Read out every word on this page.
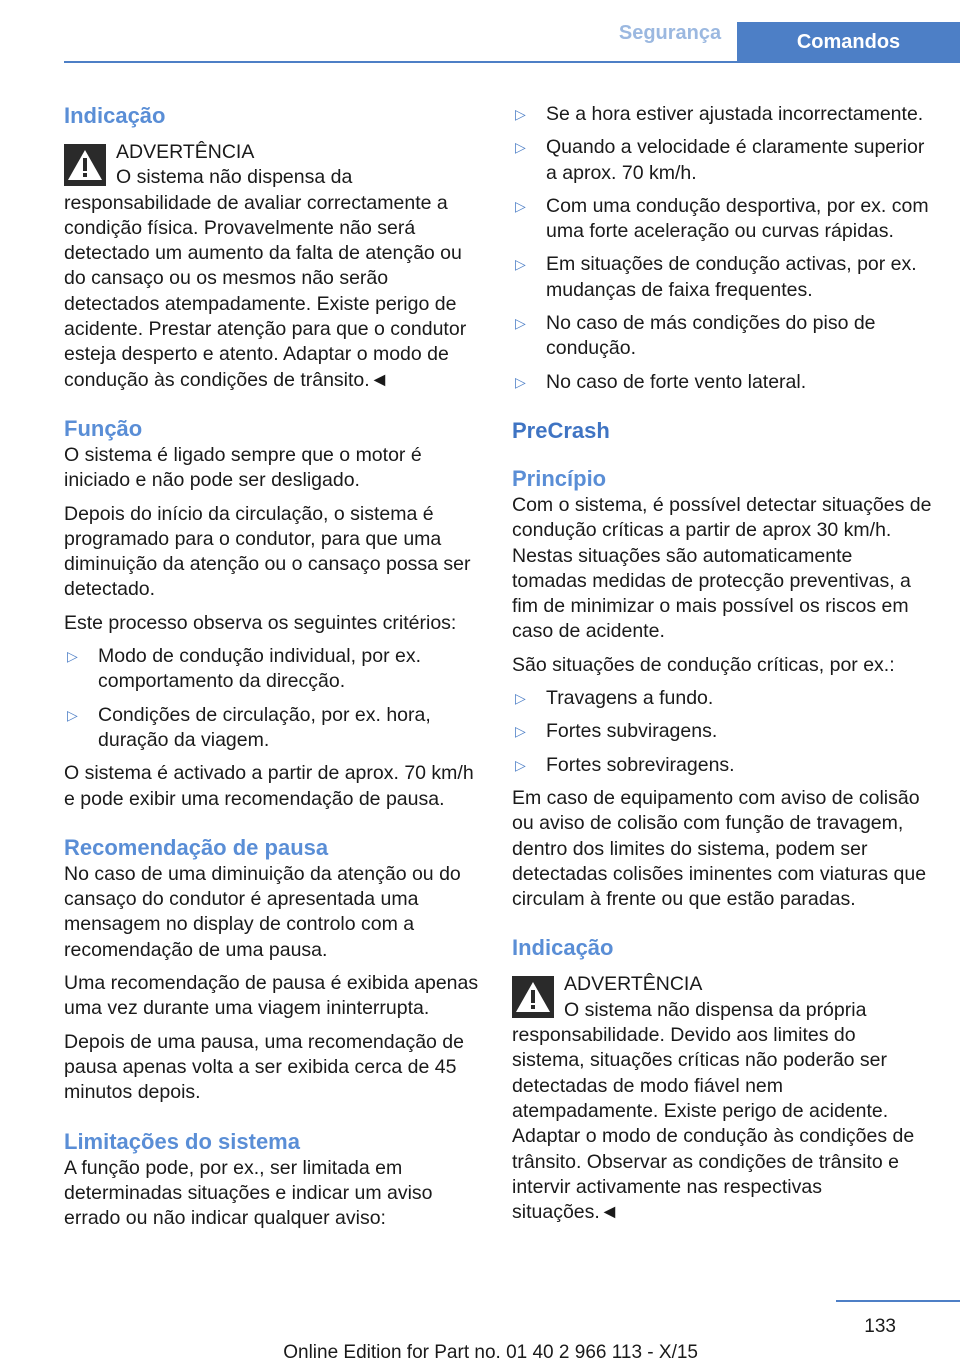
Segurança	Comandos
Indicação
ADVERTÊNCIA

O sistema não dispensa da responsabilidade de avaliar correctamente a condição física. Provavelmente não será detectado um aumento da falta de atenção ou do cansaço ou os mesmos não serão detectados atempadamente. Existe perigo de acidente. Prestar atenção para que o condutor esteja desperto e atento. Adaptar o modo de condução às condições de trânsito.◄

Função

O sistema é ligado sempre que o motor é iniciado e não pode ser desligado.

Depois do início da circulação, o sistema é programado para o condutor, para que uma diminuição da atenção ou o cansaço possa ser detectado.

Este processo observa os seguintes critérios:

▷ Modo de condução individual, por ex. comportamento da direcção.
▷ Condições de circulação, por ex. hora, duração da viagem.

O sistema é activado a partir de aprox. 70 km/h e pode exibir uma recomendação de pausa.

Recomendação de pausa

No caso de uma diminuição da atenção ou do cansaço do condutor é apresentada uma mensagem no display de controlo com a recomendação de uma pausa.

Uma recomendação de pausa é exibida apenas uma vez durante uma viagem ininterrupta.

Depois de uma pausa, uma recomendação de pausa apenas volta a ser exibida cerca de 45 minutos depois.

Limitações do sistema

A função pode, por ex., ser limitada em determinadas situações e indicar um aviso errado ou não indicar qualquer aviso:

▷ Se a hora estiver ajustada incorrectamente.
▷ Quando a velocidade é claramente superior a aprox. 70 km/h.
▷ Com uma condução desportiva, por ex. com uma forte aceleração ou curvas rápidas.
▷ Em situações de condução activas, por ex. mudanças de faixa frequentes.
▷ No caso de más condições do piso de condução.
▷ No caso de forte vento lateral.
PreCrash
Princípio

Com o sistema, é possível detectar situações de condução críticas a partir de aprox 30 km/h. Nestas situações são automaticamente tomadas medidas de protecção preventivas, a fim de minimizar o mais possível os riscos em caso de acidente.

São situações de condução críticas, por ex.:

▷ Travagens a fundo.
▷ Fortes subviragens.
▷ Fortes sobreviragens.

Em caso de equipamento com aviso de colisão ou aviso de colisão com função de travagem, dentro dos limites do sistema, podem ser detectadas colisões iminentes com viaturas que circulam à frente ou que estão paradas.

Indicação
ADVERTÊNCIA

O sistema não dispensa da própria responsabilidade. Devido aos limites do sistema, situações críticas não poderão ser detectadas de modo fiável nem atempadamente. Existe perigo de acidente. Adaptar o modo de condução às condições de trânsito. Observar as condições de trânsito e intervir activamente nas respectivas situações.◄

133
Online Edition for Part no. 01 40 2 966 113 - X/15
